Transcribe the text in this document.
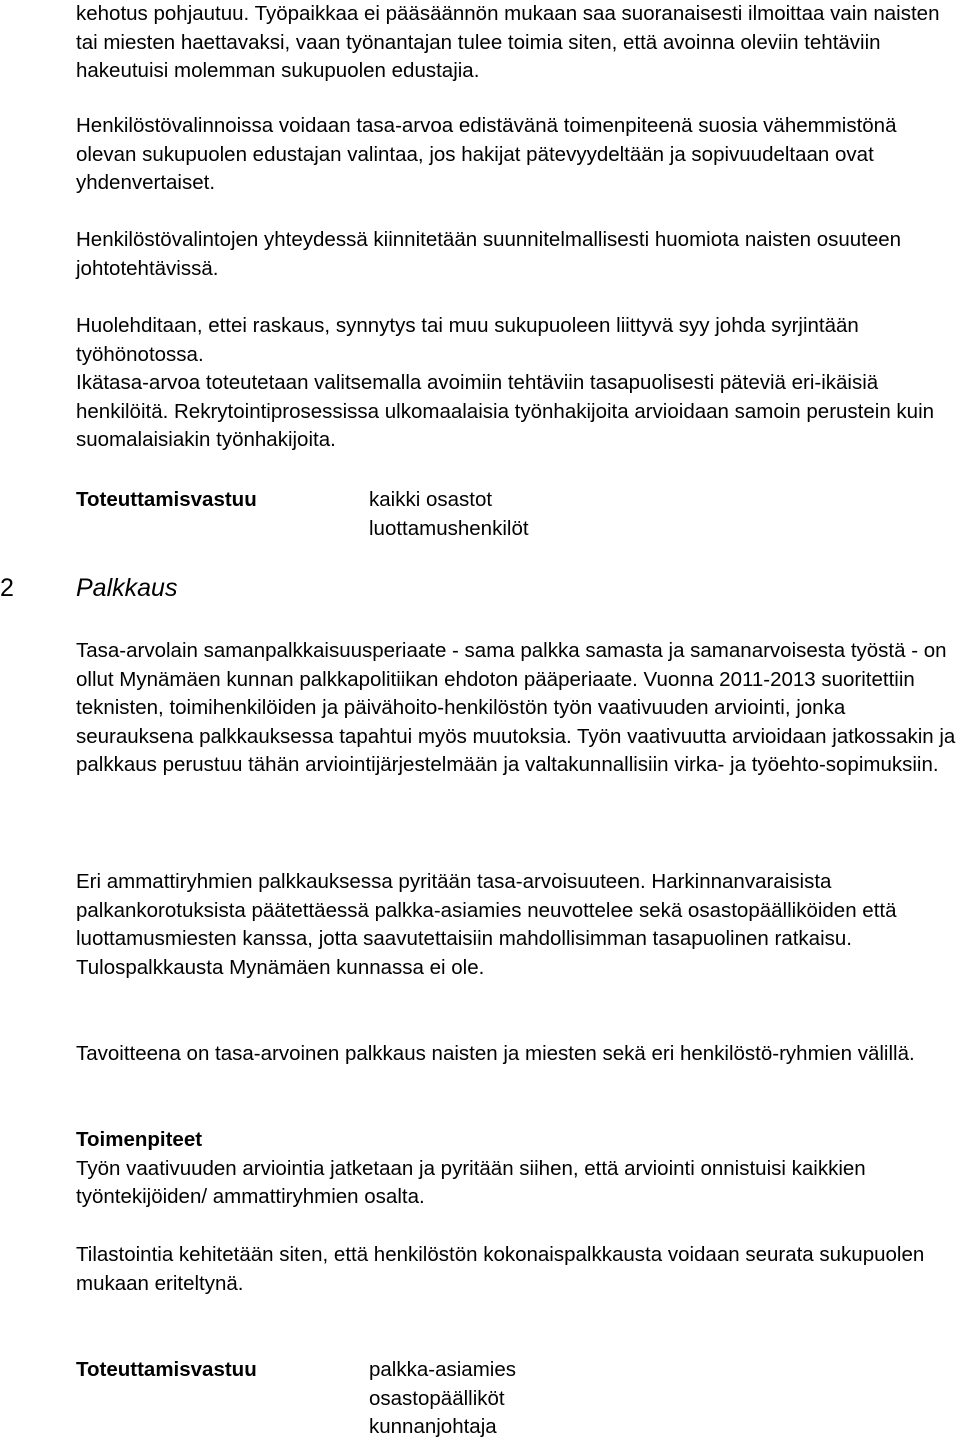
kehotus pohjautuu. Työpaikkaa ei pääsäännön mukaan saa suoranaisesti ilmoittaa vain naisten tai miesten haettavaksi, vaan työnantajan tulee toimia siten, että avoinna oleviin tehtäviin hakeutuisi molemman sukupuolen edustajia.

Henkilöstövalinnoissa voidaan tasa-arvoa edistävänä toimenpiteenä suosia vähemmistönä olevan sukupuolen edustajan valintaa, jos hakijat pätevyydeltään ja sopivuudeltaan ovat yhdenvertaiset.

Henkilöstövalintojen yhteydessä kiinnitetään suunnitelmallisesti huomiota naisten osuuteen johtotehtävissä.

Huolehditaan, ettei raskaus, synnytys tai muu sukupuoleen liittyvä syy johda syrjintään työhönotossa.

Ikätasa-arvoa toteutetaan valitsemalla avoimiin tehtäviin tasapuolisesti päteviä eri-ikäisiä henkilöitä. Rekrytointiprosessissa ulkomaalaisia työnhakijoita arvioidaan samoin perustein kuin suomalaisiakin työnhakijoita.

Toteuttamisvastuu	kaikki osastot
luottamushenkilöt
2 Palkkaus

Tasa-arvolain samanpalkkaisuusperiaate - sama palkka samasta ja samanarvoisesta työstä - on ollut Mynämäen kunnan palkkapolitiikan ehdoton pääperiaate. Vuonna 2011-2013 suoritettiin teknisten, toimihenkilöiden ja päivähoito-henkilöstön työn vaativuuden arviointi, jonka seurauksena palkkauksessa tapahtui myös muutoksia. Työn vaativuutta arvioidaan jatkossakin ja palkkaus perustuu tähän arviointijärjestelmään ja valtakunnallisiin virka- ja työehto-sopimuksiin.

Eri ammattiryhmien palkkauksessa pyritään tasa-arvoisuuteen. Harkinnanvaraisista palkankorotuksista päätettäessä palkka-asiamies neuvottelee sekä osastopäälliköiden että luottamusmiesten kanssa, jotta saavutettaisiin mahdollisimman tasapuolinen ratkaisu. Tulospalkkausta Mynämäen kunnassa ei ole.

Tavoitteena on tasa-arvoinen palkkaus naisten ja miesten sekä eri henkilöstö-ryhmien välillä.

Toimenpiteet

Työn vaativuuden arviointia jatketaan ja pyritään siihen, että arviointi onnistuisi kaikkien työntekijöiden/ ammattiryhmien osalta.

Tilastointia kehitetään siten, että henkilöstön kokonaispalkkausta voidaan seurata sukupuolen mukaan eriteltynä.

Toteuttamisvastuu	palkka-asiamies
osastopäälliköt
kunnanjohtaja
